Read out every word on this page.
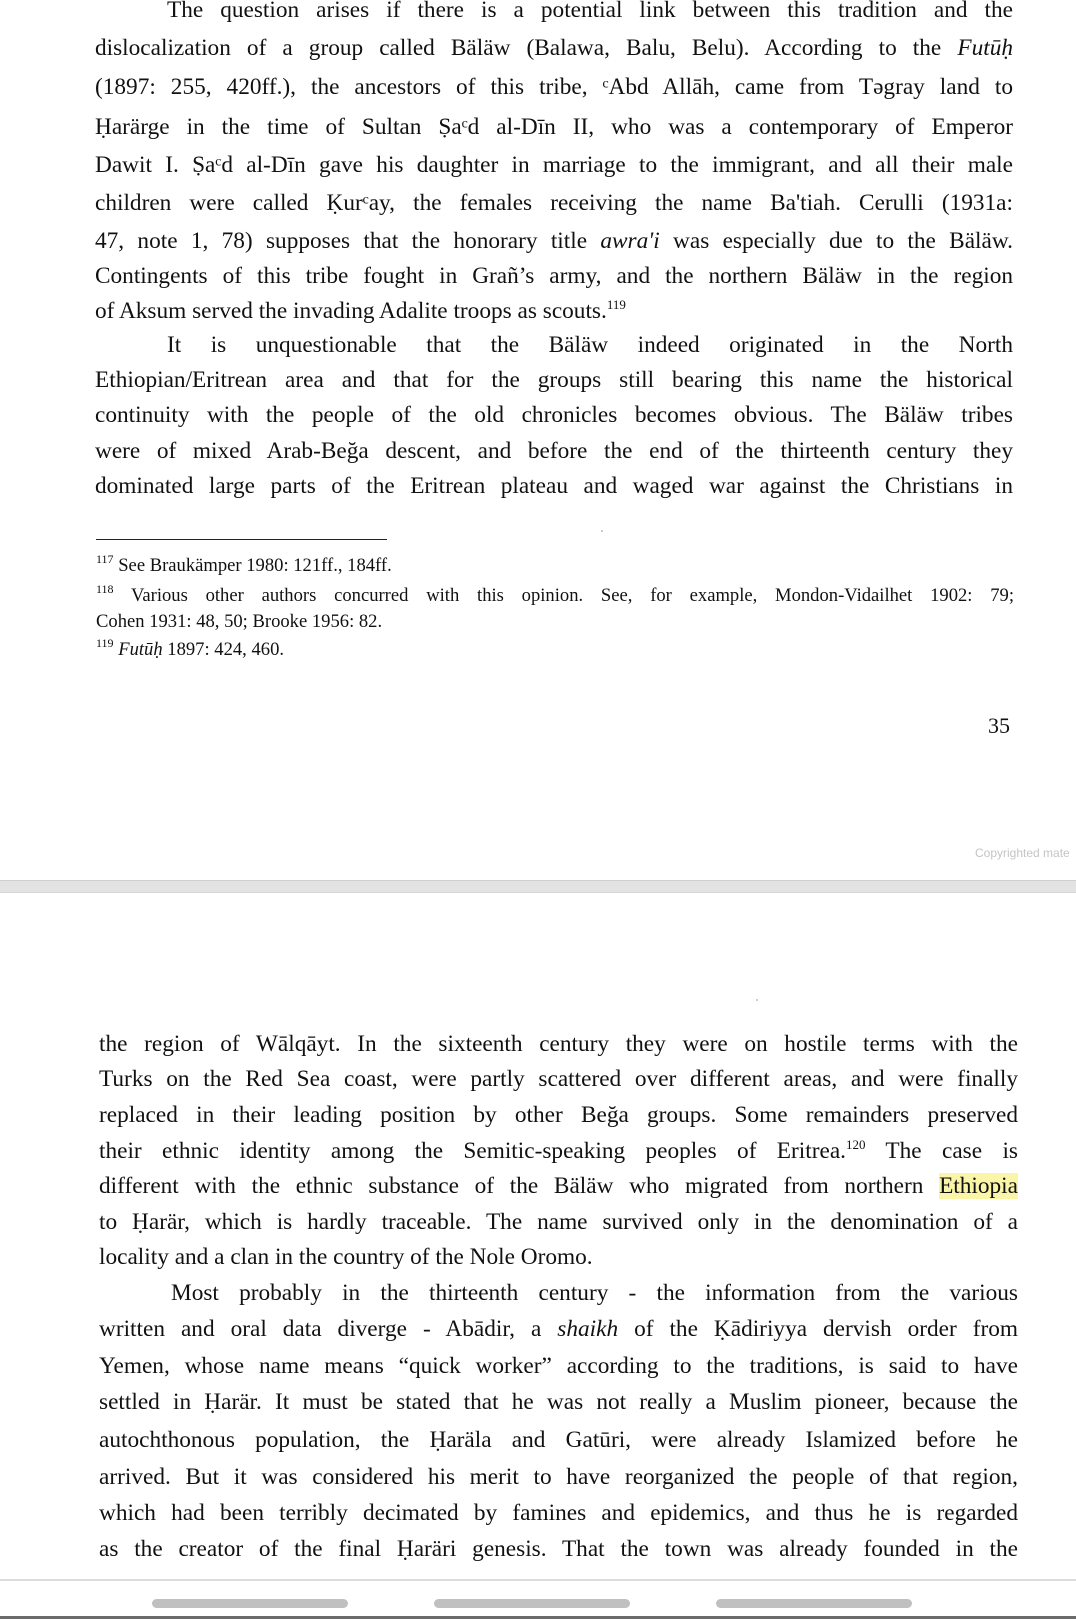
The question arises if there is a potential link between this tradition and the
dislocalization of a group called Bäläw (Balawa, Balu, Belu). According to the Futūḥ
(1897: 255, 420ff.), the ancestors of this tribe, ᶜAbd Allāh, came from Təgray land to
Ḥarärge in the time of Sultan Ṣaᶜd al-Dīn II, who was a contemporary of Emperor
Dawit I. Ṣaᶜd al-Dīn gave his daughter in marriage to the immigrant, and all their male
children were called Ḳurᶜay, the females receiving the name Ba'tiah. Cerulli (1931a:
47, note 1, 78) supposes that the honorary title awra'i was especially due to the Bäläw.
Contingents of this tribe fought in Grañ’s army, and the northern Bäläw in the region
of Aksum served the invading Adalite troops as scouts.$^{119}$
It is unquestionable that the Bäläw indeed originated in the North
Ethiopian/Eritrean area and that for the groups still bearing this name the historical
continuity with the people of the old chronicles becomes obvious. The Bäläw tribes
were of mixed Arab-Beğa descent, and before the end of the thirteenth century they
dominated large parts of the Eritrean plateau and waged war against the Christians in
$^{117}$ See Braukämper 1980: 121ff., 184ff.
$^{118}$ Various other authors concurred with this opinion. See, for example, Mondon-Vidailhet 1902: 79;
Cohen 1931: 48, 50; Brooke 1956: 82.
$^{119}$ Futūḥ 1897: 424, 460.
35
Copyrighted mate
the region of Wālqāyt. In the sixteenth century they were on hostile terms with the
Turks on the Red Sea coast, were partly scattered over different areas, and were finally
replaced in their leading position by other Beğa groups. Some remainders preserved
their ethnic identity among the Semitic-speaking peoples of Eritrea.$^{120}$ The case is
different with the ethnic substance of the Bäläw who migrated from northern Ethiopia
to Ḥarär, which is hardly traceable. The name survived only in the denomination of a
locality and a clan in the country of the Nole Oromo.
Most probably in the thirteenth century - the information from the various
written and oral data diverge - Abādir, a shaikh of the Ḳādiriyya dervish order from
Yemen, whose name means “quick worker” according to the traditions, is said to have
settled in Ḥarär. It must be stated that he was not really a Muslim pioneer, because the
autochthonous population, the Ḥaräla and Gatūri, were already Islamized before he
arrived. But it was considered his merit to have reorganized the people of that region,
which had been terribly decimated by famines and epidemics, and thus he is regarded
as the creator of the final Ḥaräri genesis. That the town was already founded in the
